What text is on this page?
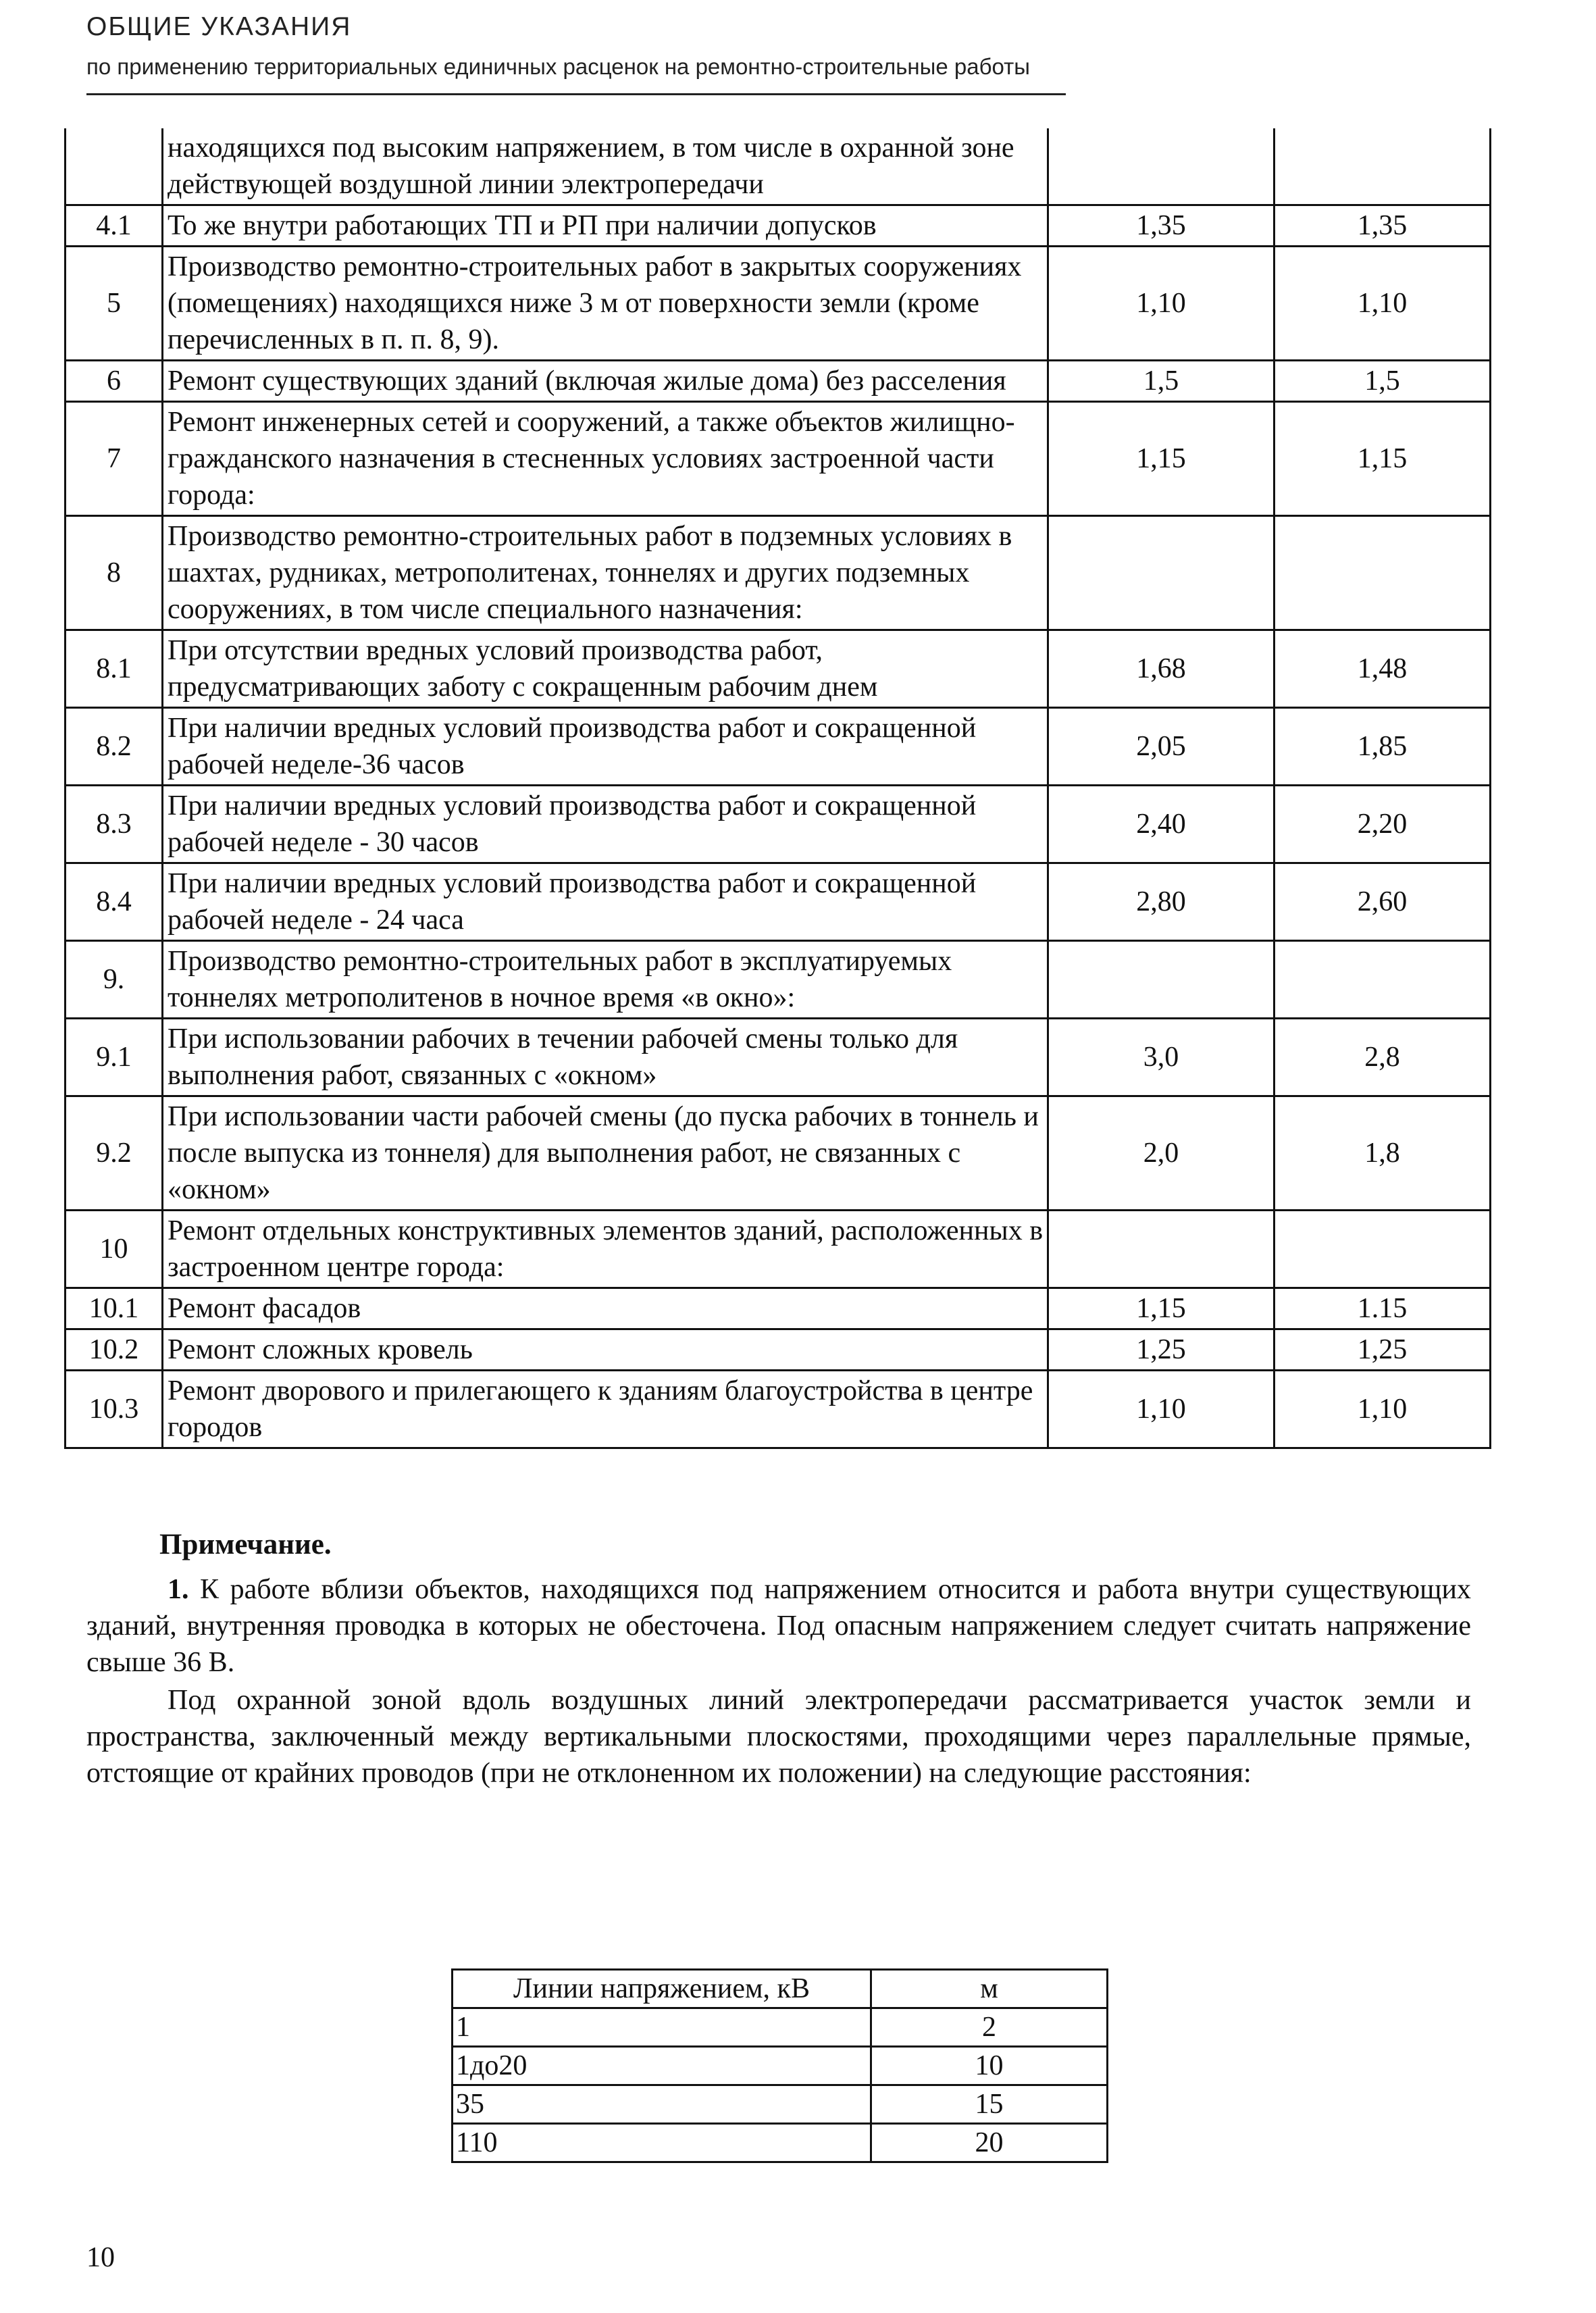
ОБЩИЕ УКАЗАНИЯ
по применению территориальных единичных расценок на ремонтно-строительные работы
	находящихся под высоким напряжением, в том числе в охранной зоне действующей воздушной линии электропередачи		
4.1	То же внутри работающих ТП и РП при наличии допусков	1,35	1,35
5	Производство ремонтно-строительных работ в закрытых сооружениях (помещениях) находящихся ниже 3 м от поверхности земли (кроме перечисленных в п. п. 8, 9).	1,10	1,10
6	Ремонт существующих зданий (включая жилые дома) без расселения	1,5	1,5
7	Ремонт инженерных сетей и сооружений, а также объектов жилищно-гражданского назначения в стесненных условиях застроенной части города:	1,15	1,15
8	Производство ремонтно-строительных работ в подземных условиях в шахтах, рудниках, метрополитенах, тоннелях и других подземных сооружениях, в том числе специального назначения:		
8.1	При отсутствии вредных условий производства работ, предусматривающих заботу с сокращенным рабочим днем	1,68	1,48
8.2	При наличии вредных условий производства работ и сокращенной рабочей неделе-36 часов	2,05	1,85
8.3	При наличии вредных условий производства работ и сокращенной рабочей неделе - 30 часов	2,40	2,20
8.4	При наличии вредных условий производства работ и сокращенной рабочей неделе - 24 часа	2,80	2,60
9.	Производство ремонтно-строительных работ в эксплуатируемых тоннелях метрополитенов в ночное время «в окно»:		
9.1	При использовании рабочих в течении рабочей смены только для выполнения работ, связанных с «окном»	3,0	2,8
9.2	При использовании части рабочей смены (до пуска рабочих в тоннель и после выпуска из тоннеля) для выполнения работ, не связанных с «окном»	2,0	1,8
10	Ремонт отдельных конструктивных элементов зданий, расположенных в застроенном центре города:		
10.1	Ремонт фасадов	1,15	1.15
10.2	Ремонт сложных кровель	1,25	1,25
10.3	Ремонт дворового и прилегающего к зданиям благоустройства в центре городов	1,10	1,10
Примечание.
1. К работе вблизи объектов, находящихся под напряжением относится и работа внутри существующих зданий, внутренняя проводка в которых не обесточена. Под опасным напряжением следует считать напряжение свыше 36 В.
Под охранной зоной вдоль воздушных линий электропередачи рассматривается участок земли и пространства, заключенный между вертикальными плоскостями, проходящими через параллельные прямые, отстоящие от крайних проводов (при не отклоненном их положении) на следующие расстояния:
Линии напряжением, кВ	м
1	2
1до20	10
35	15
110	20
10
